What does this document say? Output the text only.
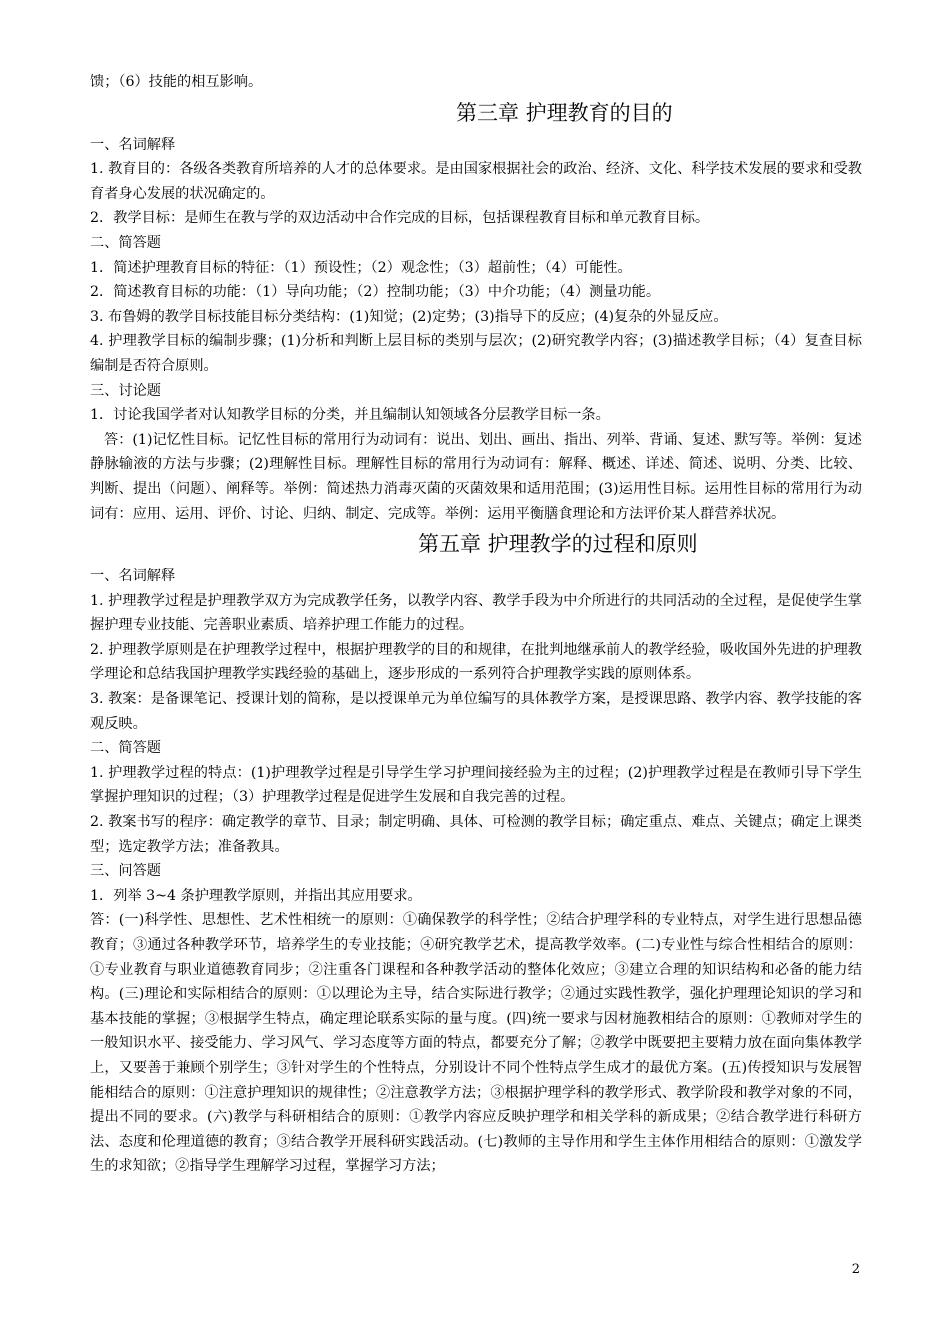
馈；（6）技能的相互影响。

第三章 护理教育的目的

一、名词解释

1. 教育目的：各级各类教育所培养的人才的总体要求。是由国家根据社会的政治、经济、文化、科学技术发展的要求和受教育者身心发展的状况确定的。

2．教学目标：是师生在教与学的双边活动中合作完成的目标，包括课程教育目标和单元教育目标。

二、简答题

1．简述护理教育目标的特征：（1）预设性；（2）观念性；（3）超前性；（4）可能性。

2．简述教育目标的功能：（1）导向功能；（2）控制功能；（3）中介功能；（4）测量功能。

3. 布鲁姆的教学目标技能目标分类结构：(1)知觉；(2)定势；(3)指导下的反应；(4)复杂的外显反应。

4. 护理教学目标的编制步骤；(1)分析和判断上层目标的类别与层次；(2)研究教学内容；(3)描述教学目标；（4）复查目标编制是否符合原则。

三、讨论题

1．讨论我国学者对认知教学目标的分类，并且编制认知领域各分层教学目标一条。

答：(1)记忆性目标。记忆性目标的常用行为动词有：说出、划出、画出、指出、列举、背诵、复述、默写等。举例：复述静脉输液的方法与步骤；(2)理解性目标。理解性目标的常用行为动词有：解释、概述、详述、简述、说明、分类、比较、判断、提出（问题）、阐释等。举例：简述热力消毒灭菌的灭菌效果和适用范围；(3)运用性目标。运用性目标的常用行为动词有：应用、运用、评价、讨论、归纳、制定、完成等。举例：运用平衡膳食理论和方法评价某人群营养状况。

第五章 护理教学的过程和原则

一、名词解释

1. 护理教学过程是护理教学双方为完成教学任务，以教学内容、教学手段为中介所进行的共同活动的全过程，是促使学生掌握护理专业技能、完善职业素质、培养护理工作能力的过程。

2. 护理教学原则是在护理教学过程中，根据护理教学的目的和规律，在批判地继承前人的教学经验，吸收国外先进的护理教学理论和总结我国护理教学实践经验的基础上，逐步形成的一系列符合护理教学实践的原则体系。

3. 教案：是备课笔记、授课计划的简称，是以授课单元为单位编写的具体教学方案，是授课思路、教学内容、教学技能的客观反映。

二、简答题

1. 护理教学过程的特点：(1)护理教学过程是引导学生学习护理间接经验为主的过程；(2)护理教学过程是在教师引导下学生掌握护理知识的过程；（3）护理教学过程是促进学生发展和自我完善的过程。

2. 教案书写的程序：确定教学的章节、目录；制定明确、具体、可检测的教学目标；确定重点、难点、关键点；确定上课类型；选定教学方法；准备教具。

三、问答题

1．列举 3~4 条护理教学原则，并指出其应用要求。

答：(一)科学性、思想性、艺术性相统一的原则：①确保教学的科学性；②结合护理学科的专业特点，对学生进行思想品德教育；③通过各种教学环节，培养学生的专业技能；④研究教学艺术，提高教学效率。(二)专业性与综合性相结合的原则：①专业教育与职业道德教育同步；②注重各门课程和各种教学活动的整体化效应；③建立合理的知识结构和必备的能力结构。(三)理论和实际相结合的原则：①以理论为主导，结合实际进行教学；②通过实践性教学，强化护理理论知识的学习和基本技能的掌握；③根据学生特点，确定理论联系实际的量与度。(四)统一要求与因材施教相结合的原则：①教师对学生的一般知识水平、接受能力、学习风气、学习态度等方面的特点，都要充分了解；②教学中既要把主要精力放在面向集体教学上，又要善于兼顾个别学生；③针对学生的个性特点，分别设计不同个性特点学生成才的最优方案。(五)传授知识与发展智能相结合的原则：①注意护理知识的规律性；②注意教学方法；③根据护理学科的教学形式、教学阶段和教学对象的不同，提出不同的要求。(六)教学与科研相结合的原则：①教学内容应反映护理学和相关学科的新成果；②结合教学进行科研方法、态度和伦理道德的教育；③结合教学开展科研实践活动。(七)教师的主导作用和学生主体作用相结合的原则：①激发学生的求知欲；②指导学生理解学习过程，掌握学习方法；

2
